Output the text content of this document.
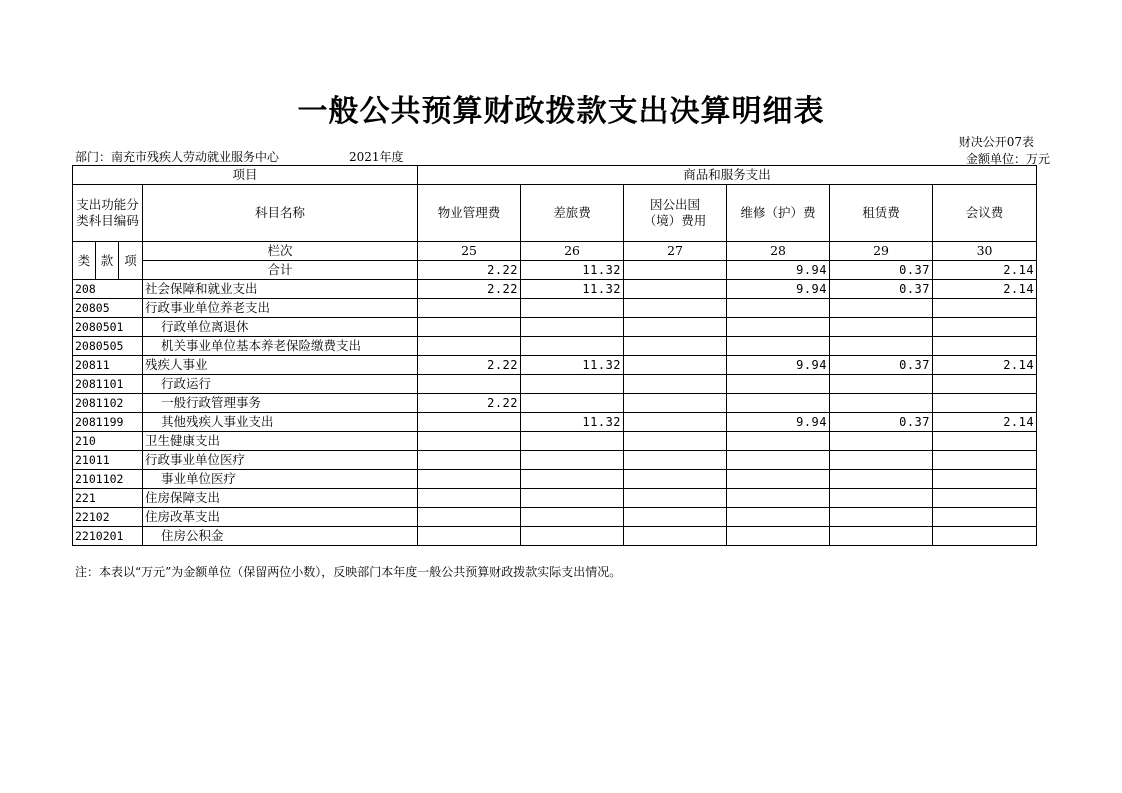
一般公共预算财政拨款支出决算明细表
财决公开07表
金额单位：万元
部门：南充市残疾人劳动就业服务中心	2021年度
项目				商品和服务支出					
支出功能分类科目编码			科目名称	物业管理费	差旅费	因公出国（境）费用	维修（护）费	租赁费	会议费
类	款	项	栏次	25	26	27	28	29	30
			合计	2.22	11.32		9.94	0.37	2.14
208			社会保障和就业支出	2.22	11.32		9.94	0.37	2.14
20805			行政事业单位养老支出						
2080501			行政单位离退休						
2080505			机关事业单位基本养老保险缴费支出						
20811			残疾人事业	2.22	11.32		9.94	0.37	2.14
2081101			行政运行						
2081102			一般行政管理事务	2.22					
2081199			其他残疾人事业支出		11.32		9.94	0.37	2.14
210			卫生健康支出						
21011			行政事业单位医疗						
2101102			事业单位医疗						
221			住房保障支出						
22102			住房改革支出						
2210201			住房公积金						
注：本表以“万元”为金额单位（保留两位小数），反映部门本年度一般公共预算财政拨款实际支出情况。
